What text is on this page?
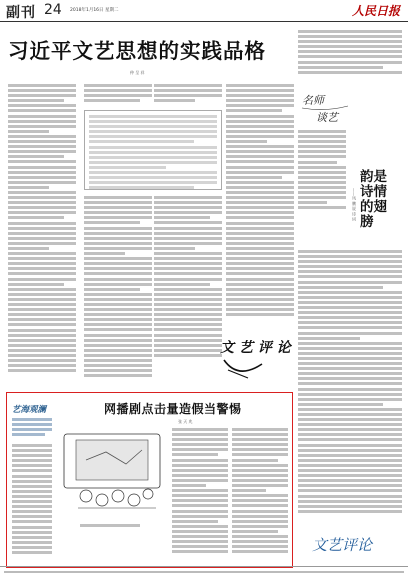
副刊 24 2018年1月16日 星期二	人民日报
习近平文艺思想的实践品格
仲 呈 祥
名师
谈艺
韵是诗情的翅膀
——凤 鹏 说 诗 词
文 艺 评 论
艺海观澜	网播剧点击量造假当警惕
张 天 兆
文艺评论
